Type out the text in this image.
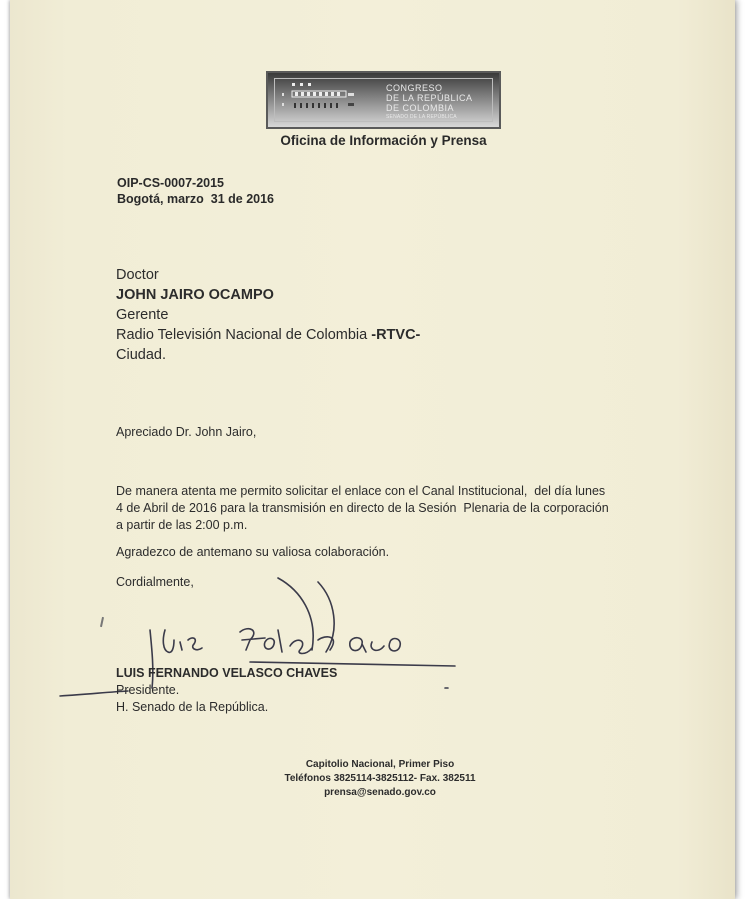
CONGRESO
DE LA REPÚBLICA
DE COLOMBIA
SENADO DE LA REPÚBLICA
Oficina de Información y Prensa
OIP-CS-0007-2015
Bogotá, marzo  31 de 2016
Doctor
JOHN JAIRO OCAMPO
Gerente
Radio Televisión Nacional de Colombia -RTVC-
Ciudad.
Apreciado Dr. John Jairo,
De manera atenta me permito solicitar el enlace con el Canal Institucional,  del día lunes
4 de Abril de 2016 para la transmisión en directo de la Sesión  Plenaria de la corporación
a partir de las 2:00 p.m.
Agradezco de antemano su valiosa colaboración.
Cordialmente,
LUIS FERNANDO VELASCO CHAVES
Presidente.
H. Senado de la República.
Capitolio Nacional, Primer Piso
Teléfonos 3825114-3825112- Fax. 382511
prensa@senado.gov.co
